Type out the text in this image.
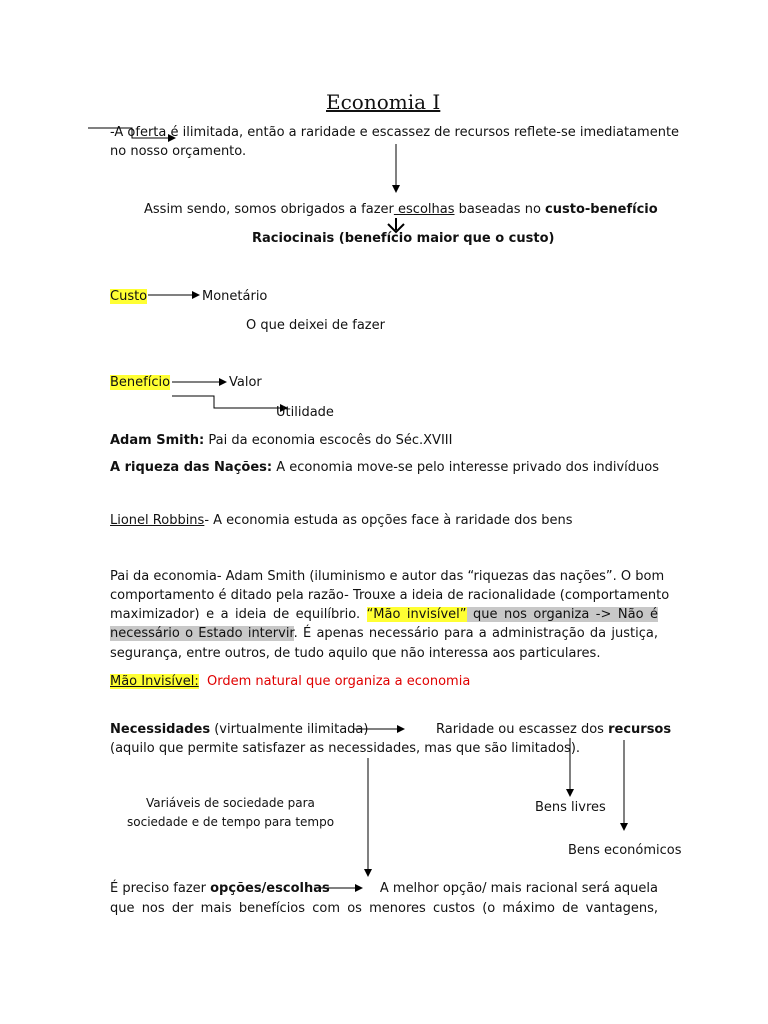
Economia I
-A oferta é ilimitada, então a raridade e escassez de recursos reflete-se imediatamente
no nosso orçamento.
Assim sendo, somos obrigados a fazer escolhas baseadas no custo-benefício
Raciocinais (benefício maior que o custo)
Custo	Monetário
O que deixei de fazer
Benefício	Valor
Utilidade
Adam Smith: Pai da economia escocês do Séc.XVIII
A riqueza das Nações: A economia move-se pelo interesse privado dos indivíduos
Lionel Robbins- A economia estuda as opções face à raridade dos bens
Pai da economia- Adam Smith (iluminismo e autor das “riquezas das nações”. O bom
comportamento é ditado pela razão- Trouxe a ideia de racionalidade (comportamento
maximizador) e a ideia de equilíbrio. “Mão invisível” que nos organiza -> Não é
necessário o Estado intervir. É apenas necessário para a administração da justiça,
segurança, entre outros, de tudo aquilo que não interessa aos particulares.
Mão Invisível: Ordem natural que organiza a economia
Necessidades (virtualmente ilimitada)	Raridade ou escassez dos recursos
(aquilo que permite satisfazer as necessidades, mas que são limitados).
Variáveis de sociedade para
sociedade e de tempo para tempo
Bens livres
Bens económicos
É preciso fazer opções/escolhas	A melhor opção/ mais racional será aquela
que nos der mais benefícios com os menores custos (o máximo de vantagens,
